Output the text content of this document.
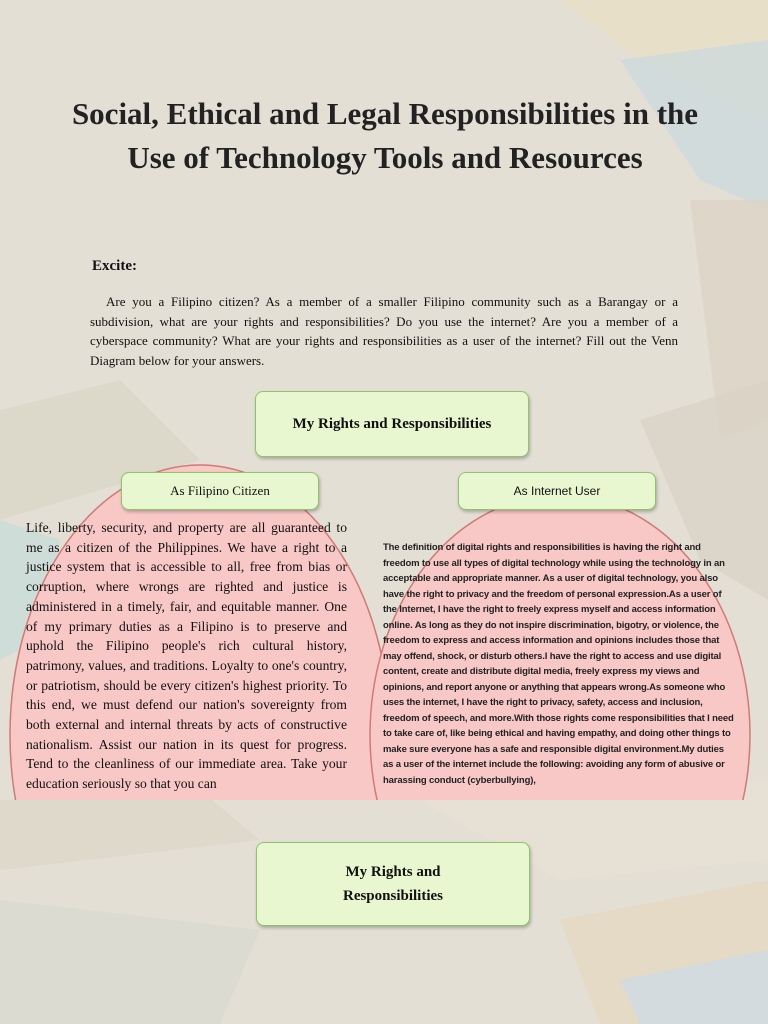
Social, Ethical and Legal Responsibilities in the Use of Technology Tools and Resources
Excite:

Are you a Filipino citizen? As a member of a smaller Filipino community such as a Barangay or a subdivision, what are your rights and responsibilities? Do you use the internet? Are you a member of a cyberspace community? What are your rights and responsibilities as a user of the internet? Fill out the Venn Diagram below for your answers.

My Rights and Responsibilities

Life, liberty, security, and property are all guaranteed to me as a citizen of the Philippines. We have a right to a justice system that is accessible to all, free from bias or corruption, where wrongs are righted and justice is administered in a timely, fair, and equitable manner. One of my primary duties as a Filipino is to preserve and uphold the Filipino people's rich cultural history, patrimony, values, and traditions. Loyalty to one's country, or patriotism, should be every citizen's highest priority. To this end, we must defend our nation's sovereignty from both external and internal threats by acts of constructive nationalism. Assist our nation in its quest for progress. Tend to the cleanliness of our immediate area. Take your education seriously so that you can

The definition of digital rights and responsibilities is having the right and freedom to use all types of digital technology while using the technology in an acceptable and appropriate manner. As a user of digital technology, you also have the right to privacy and the freedom of personal expression.As a user of the Internet, I have the right to freely express myself and access information online. As long as they do not inspire discrimination, bigotry, or violence, the freedom to express and access information and opinions includes those that may offend, shock, or disturb others.I have the right to access and use digital content, create and distribute digital media, freely express my views and opinions, and report anyone or anything that appears wrong.As someone who uses the internet, I have the right to privacy, safety, access and inclusion, freedom of speech, and more.With those rights come responsibilities that I need to take care of, like being ethical and having empathy, and doing other things to make sure everyone has a safe and responsible digital environment.My duties as a user of the internet include the following: avoiding any form of abusive or harassing conduct (cyberbullying),

As Filipino Citizen	As Internet User
My Rights and Responsibilities
